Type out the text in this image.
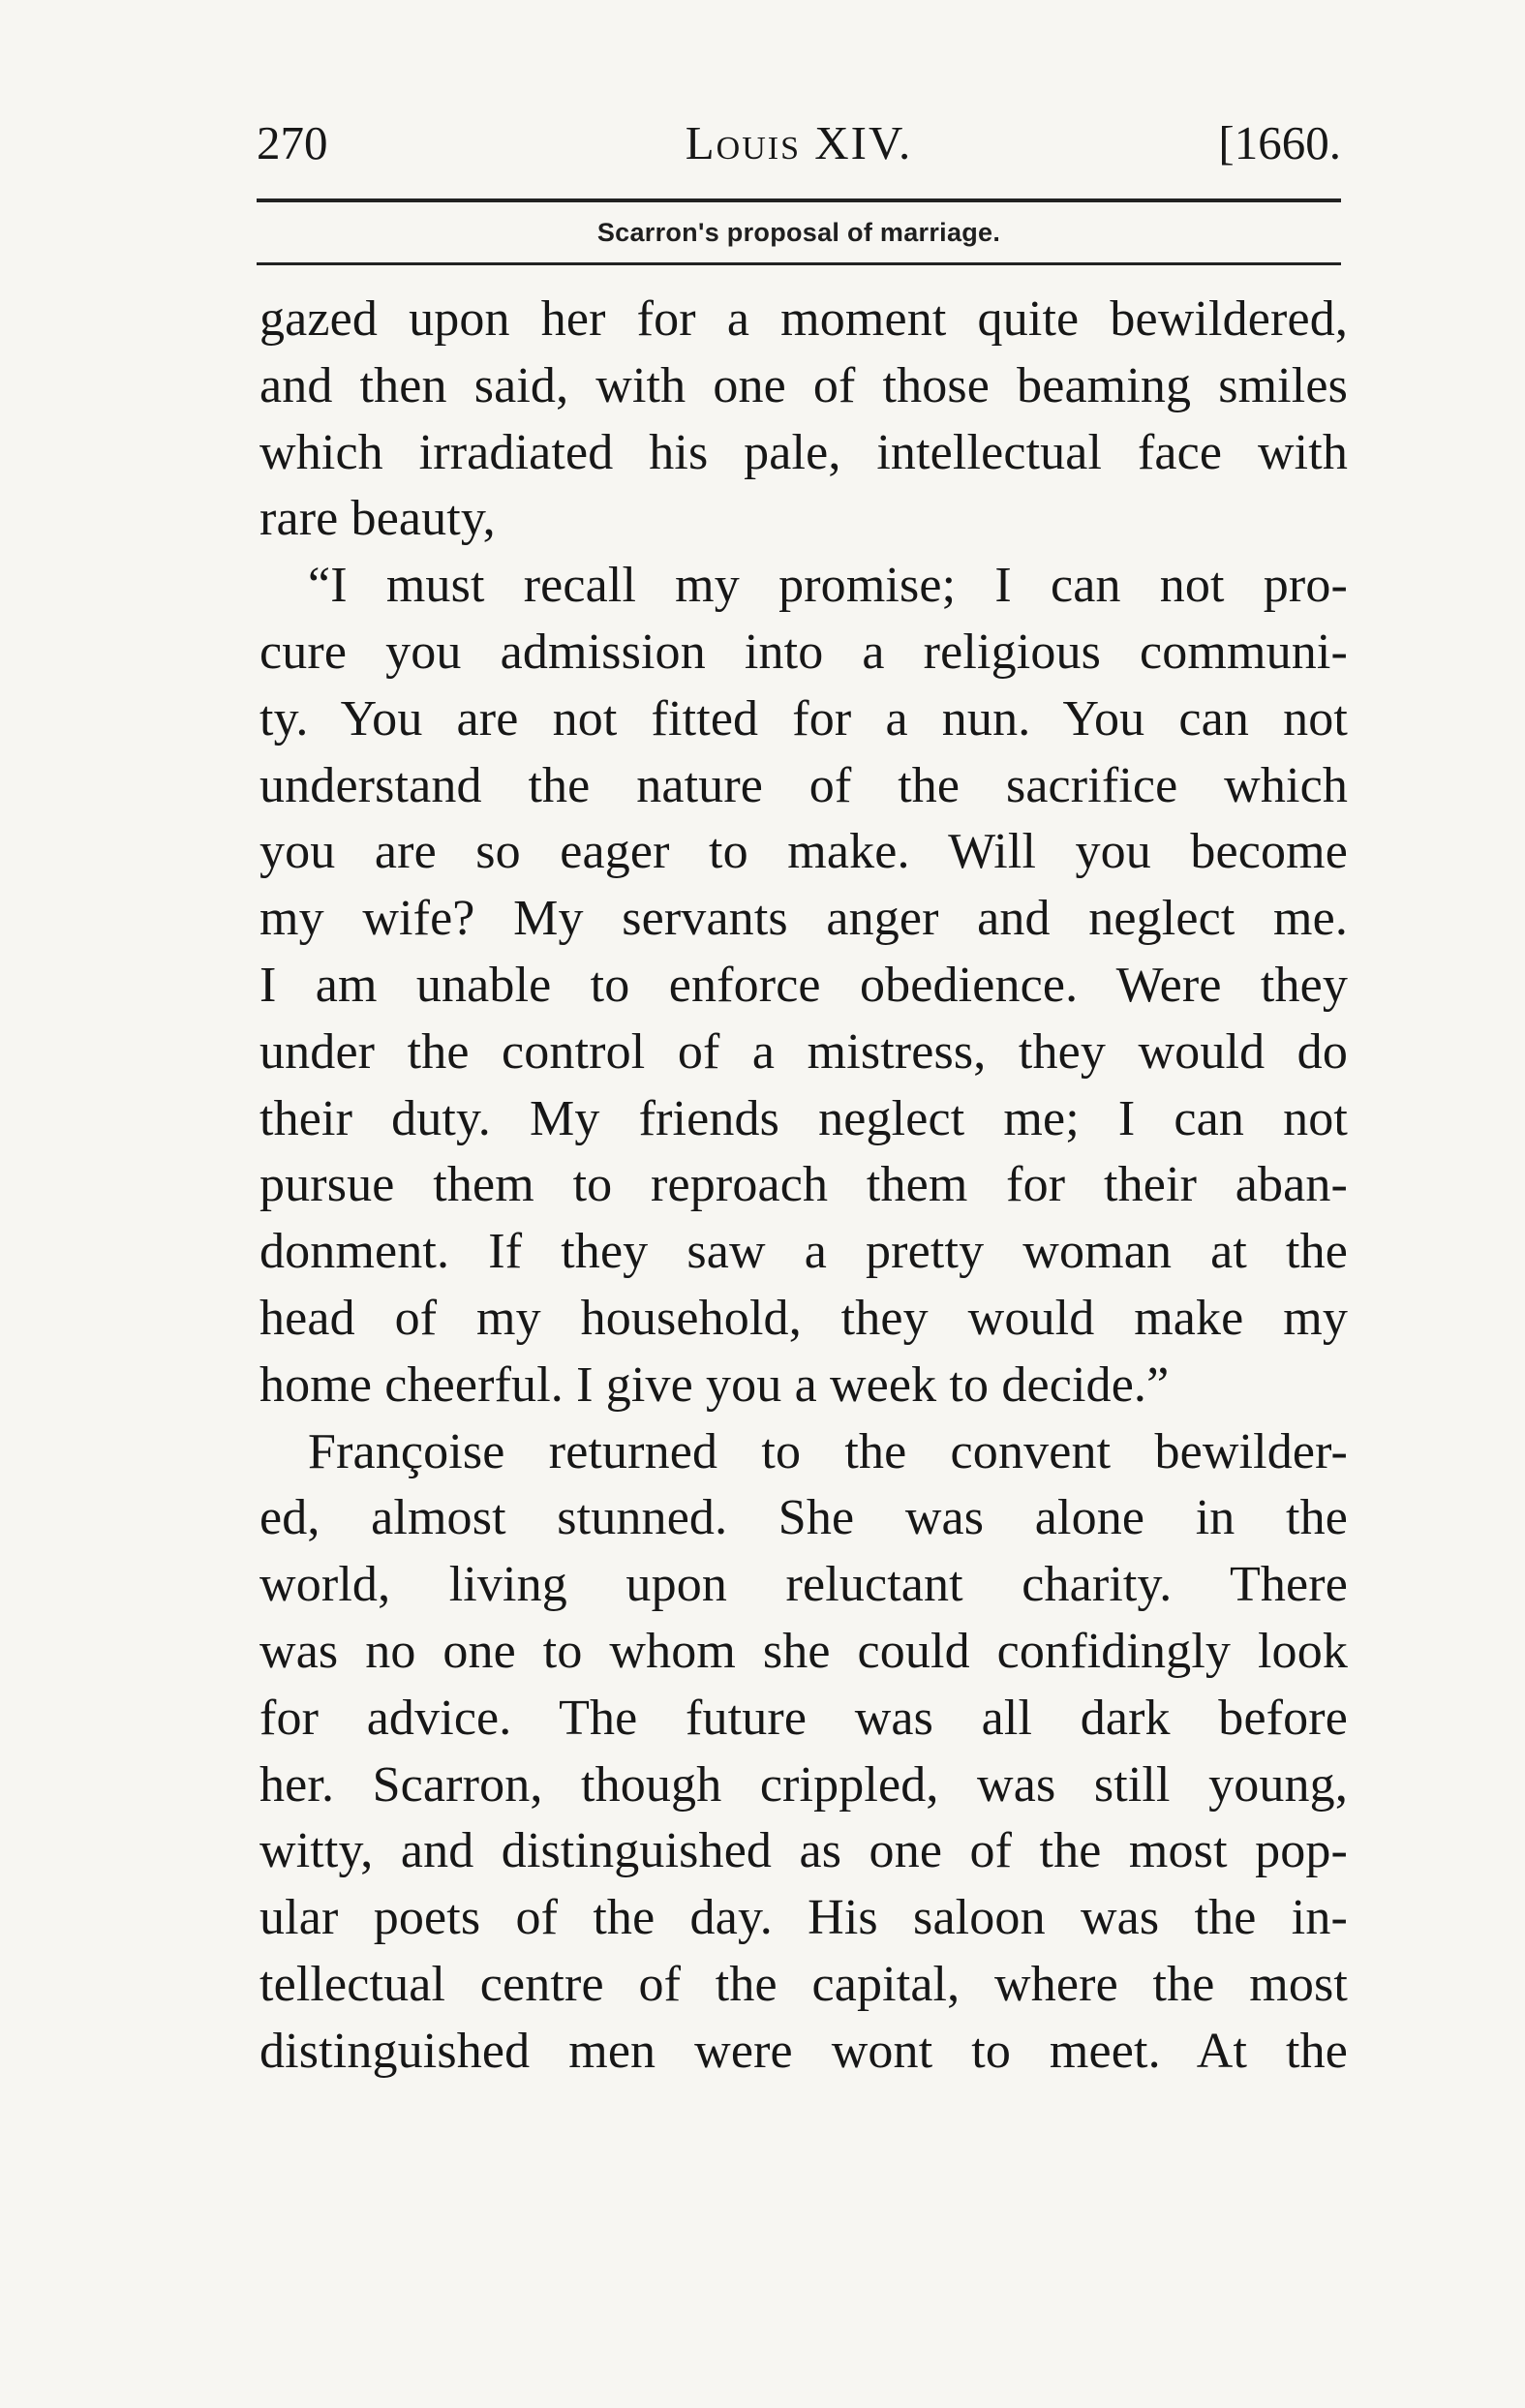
270	Louis XIV.	[1660.
Scarron's proposal of marriage.
gazed upon her for a moment quite bewildered,
and then said, with one of those beaming smiles
which irradiated his pale, intellectual face with
rare beauty,
“I must recall my promise; I can not pro-
cure you admission into a religious communi-
ty. You are not fitted for a nun. You can not
understand the nature of the sacrifice which
you are so eager to make. Will you become
my wife? My servants anger and neglect me.
I am unable to enforce obedience. Were they
under the control of a mistress, they would do
their duty. My friends neglect me; I can not
pursue them to reproach them for their aban-
donment. If they saw a pretty woman at the
head of my household, they would make my
home cheerful. I give you a week to decide.”
Françoise returned to the convent bewilder-
ed, almost stunned. She was alone in the
world, living upon reluctant charity. There
was no one to whom she could confidingly look
for advice. The future was all dark before
her. Scarron, though crippled, was still young,
witty, and distinguished as one of the most pop-
ular poets of the day. His saloon was the in-
tellectual centre of the capital, where the most
distinguished men were wont to meet. At the
